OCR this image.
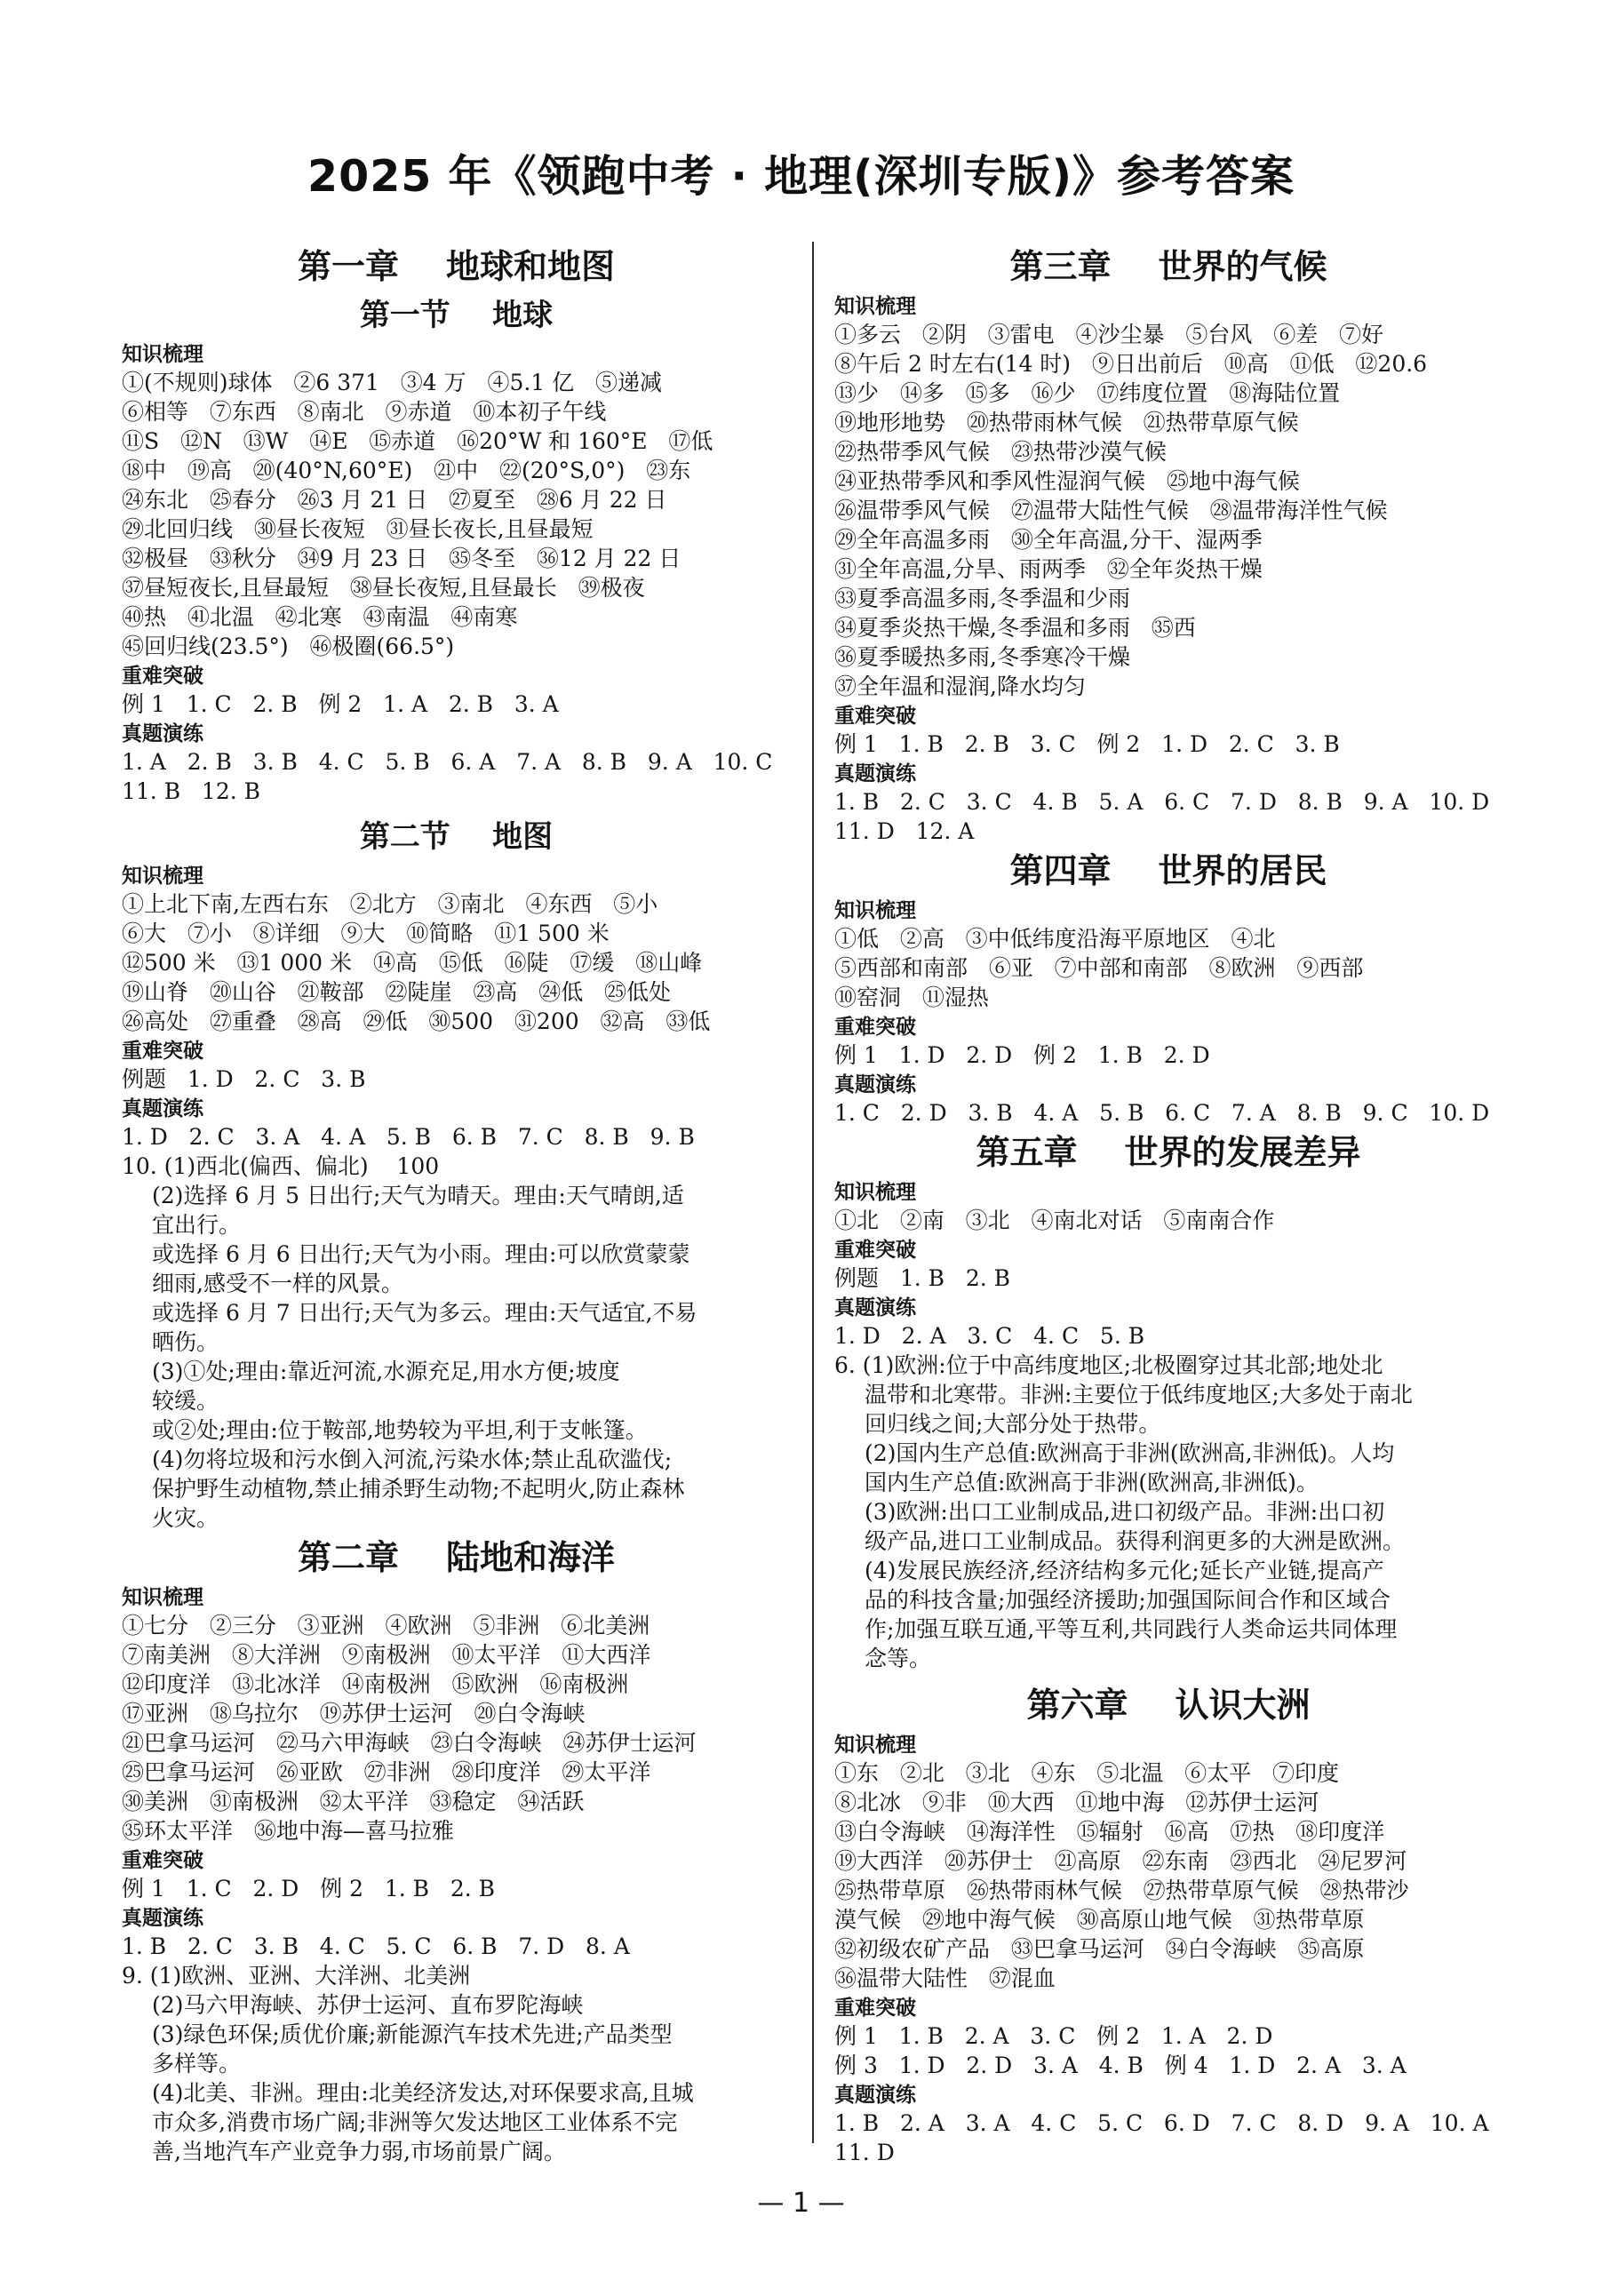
2025 年《领跑中考 · 地理(深圳专版)》参考答案
第一章    地球和地图
第一节    地球
知识梳理
①(不规则)球体   ②6 371   ③4 万   ④5.1 亿   ⑤递减
⑥相等   ⑦东西   ⑧南北   ⑨赤道   ⑩本初子午线
⑪S   ⑫N   ⑬W   ⑭E   ⑮赤道   ⑯20°W 和 160°E   ⑰低
⑱中   ⑲高   ⑳(40°N,60°E)   ㉑中   ㉒(20°S,0°)   ㉓东
㉔东北   ㉕春分   ㉖3 月 21 日   ㉗夏至   ㉘6 月 22 日
㉙北回归线   ㉚昼长夜短   ㉛昼长夜长,且昼最短
㉜极昼   ㉝秋分   ㉞9 月 23 日   ㉟冬至   ㊱12 月 22 日
㊲昼短夜长,且昼最短   ㊳昼长夜短,且昼最长   ㊴极夜
㊵热   ㊶北温   ㊷北寒   ㊸南温   ㊹南寒
㊺回归线(23.5°)   ㊻极圈(66.5°)
重难突破
例 1   1. C   2. B   例 2   1. A   2. B   3. A
真题演练
1. A   2. B   3. B   4. C   5. B   6. A   7. A   8. B   9. A   10. C
11. B   12. B
第二节    地图
知识梳理
①上北下南,左西右东   ②北方   ③南北   ④东西   ⑤小
⑥大   ⑦小   ⑧详细   ⑨大   ⑩简略   ⑪1 500 米
⑫500 米   ⑬1 000 米   ⑭高   ⑮低   ⑯陡   ⑰缓   ⑱山峰
⑲山脊   ⑳山谷   ㉑鞍部   ㉒陡崖   ㉓高   ㉔低   ㉕低处
㉖高处   ㉗重叠   ㉘高   ㉙低   ㉚500   ㉛200   ㉜高   ㉝低
重难突破
例题   1. D   2. C   3. B
真题演练
1. D   2. C   3. A   4. A   5. B   6. B   7. C   8. B   9. B
10. (1)西北(偏西、偏北)    100
(2)选择 6 月 5 日出行;天气为晴天。理由:天气晴朗,适
宜出行。
或选择 6 月 6 日出行;天气为小雨。理由:可以欣赏蒙蒙
细雨,感受不一样的风景。
或选择 6 月 7 日出行;天气为多云。理由:天气适宜,不易
晒伤。
(3)①处;理由:靠近河流,水源充足,用水方便;坡度
较缓。
或②处;理由:位于鞍部,地势较为平坦,利于支帐篷。
(4)勿将垃圾和污水倒入河流,污染水体;禁止乱砍滥伐;
保护野生动植物,禁止捕杀野生动物;不起明火,防止森林
火灾。
第二章    陆地和海洋
知识梳理
①七分   ②三分   ③亚洲   ④欧洲   ⑤非洲   ⑥北美洲
⑦南美洲   ⑧大洋洲   ⑨南极洲   ⑩太平洋   ⑪大西洋
⑫印度洋   ⑬北冰洋   ⑭南极洲   ⑮欧洲   ⑯南极洲
⑰亚洲   ⑱乌拉尔   ⑲苏伊士运河   ⑳白令海峡
㉑巴拿马运河   ㉒马六甲海峡   ㉓白令海峡   ㉔苏伊士运河
㉕巴拿马运河   ㉖亚欧   ㉗非洲   ㉘印度洋   ㉙太平洋
㉚美洲   ㉛南极洲   ㉜太平洋   ㉝稳定   ㉞活跃
㉟环太平洋   ㊱地中海—喜马拉雅
重难突破
例 1   1. C   2. D   例 2   1. B   2. B
真题演练
1. B   2. C   3. B   4. C   5. C   6. B   7. D   8. A
9. (1)欧洲、亚洲、大洋洲、北美洲
(2)马六甲海峡、苏伊士运河、直布罗陀海峡
(3)绿色环保;质优价廉;新能源汽车技术先进;产品类型
多样等。
(4)北美、非洲。理由:北美经济发达,对环保要求高,且城
市众多,消费市场广阔;非洲等欠发达地区工业体系不完
善,当地汽车产业竞争力弱,市场前景广阔。
第三章    世界的气候
知识梳理
①多云   ②阴   ③雷电   ④沙尘暴   ⑤台风   ⑥差   ⑦好
⑧午后 2 时左右(14 时)   ⑨日出前后   ⑩高   ⑪低   ⑫20.6
⑬少   ⑭多   ⑮多   ⑯少   ⑰纬度位置   ⑱海陆位置
⑲地形地势   ⑳热带雨林气候   ㉑热带草原气候
㉒热带季风气候   ㉓热带沙漠气候
㉔亚热带季风和季风性湿润气候   ㉕地中海气候
㉖温带季风气候   ㉗温带大陆性气候   ㉘温带海洋性气候
㉙全年高温多雨   ㉚全年高温,分干、湿两季
㉛全年高温,分旱、雨两季   ㉜全年炎热干燥
㉝夏季高温多雨,冬季温和少雨
㉞夏季炎热干燥,冬季温和多雨   ㉟西
㊱夏季暖热多雨,冬季寒冷干燥
㊲全年温和湿润,降水均匀
重难突破
例 1   1. B   2. B   3. C   例 2   1. D   2. C   3. B
真题演练
1. B   2. C   3. C   4. B   5. A   6. C   7. D   8. B   9. A   10. D
11. D   12. A
第四章    世界的居民
知识梳理
①低   ②高   ③中低纬度沿海平原地区   ④北
⑤西部和南部   ⑥亚   ⑦中部和南部   ⑧欧洲   ⑨西部
⑩窑洞   ⑪湿热
重难突破
例 1   1. D   2. D   例 2   1. B   2. D
真题演练
1. C   2. D   3. B   4. A   5. B   6. C   7. A   8. B   9. C   10. D
第五章    世界的发展差异
知识梳理
①北   ②南   ③北   ④南北对话   ⑤南南合作
重难突破
例题   1. B   2. B
真题演练
1. D   2. A   3. C   4. C   5. B
6. (1)欧洲:位于中高纬度地区;北极圈穿过其北部;地处北
温带和北寒带。非洲:主要位于低纬度地区;大多处于南北
回归线之间;大部分处于热带。
(2)国内生产总值:欧洲高于非洲(欧洲高,非洲低)。人均
国内生产总值:欧洲高于非洲(欧洲高,非洲低)。
(3)欧洲:出口工业制成品,进口初级产品。非洲:出口初
级产品,进口工业制成品。获得利润更多的大洲是欧洲。
(4)发展民族经济,经济结构多元化;延长产业链,提高产
品的科技含量;加强经济援助;加强国际间合作和区域合
作;加强互联互通,平等互利,共同践行人类命运共同体理
念等。
第六章    认识大洲
知识梳理
①东   ②北   ③北   ④东   ⑤北温   ⑥太平   ⑦印度
⑧北冰   ⑨非   ⑩大西   ⑪地中海   ⑫苏伊士运河
⑬白令海峡   ⑭海洋性   ⑮辐射   ⑯高   ⑰热   ⑱印度洋
⑲大西洋   ⑳苏伊士   ㉑高原   ㉒东南   ㉓西北   ㉔尼罗河
㉕热带草原   ㉖热带雨林气候   ㉗热带草原气候   ㉘热带沙
漠气候   ㉙地中海气候   ㉚高原山地气候   ㉛热带草原
㉜初级农矿产品   ㉝巴拿马运河   ㉞白令海峡   ㉟高原
㊱温带大陆性   ㊲混血
重难突破
例 1   1. B   2. A   3. C   例 2   1. A   2. D
例 3   1. D   2. D   3. A   4. B   例 4   1. D   2. A   3. A
真题演练
1. B   2. A   3. A   4. C   5. C   6. D   7. C   8. D   9. A   10. A
11. D
— 1 —
